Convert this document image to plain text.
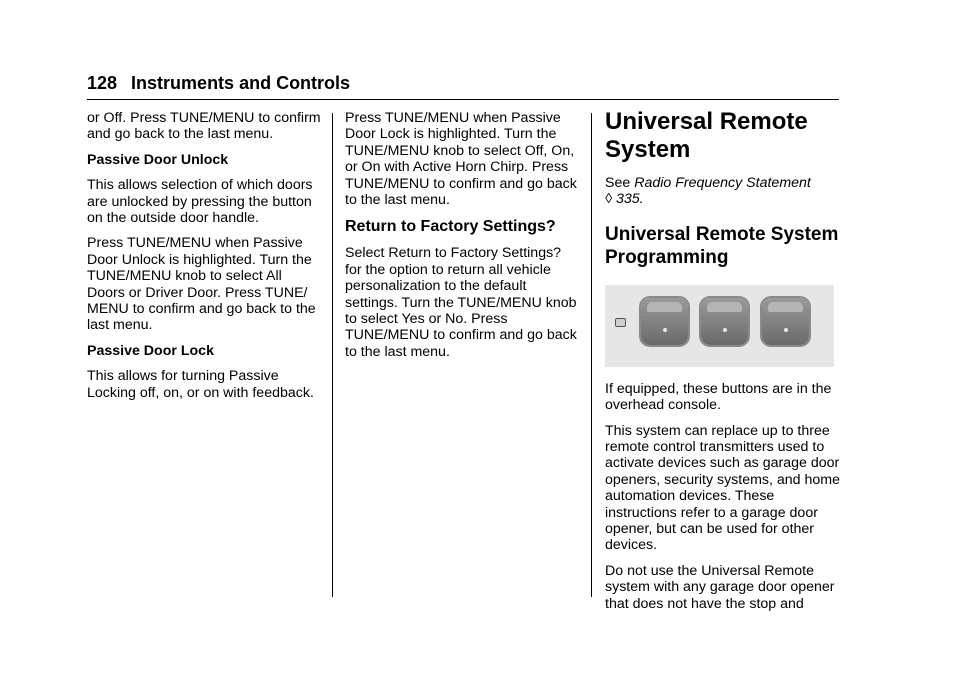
128 Instruments and Controls

or Off. Press TUNE/MENU to confirm and go back to the last menu.

Passive Door Unlock

This allows selection of which doors are unlocked by pressing the button on the outside door handle.

Press TUNE/MENU when Passive Door Unlock is highlighted. Turn the TUNE/MENU knob to select All Doors or Driver Door. Press TUNE/ MENU to confirm and go back to the last menu.

Passive Door Lock

This allows for turning Passive Locking off, on, or on with feedback.

Press TUNE/MENU when Passive Door Lock is highlighted. Turn the TUNE/MENU knob to select Off, On, or On with Active Horn Chirp. Press TUNE/MENU to confirm and go back to the last menu.

Return to Factory Settings?

Select Return to Factory Settings? for the option to return all vehicle personalization to the default settings. Turn the TUNE/MENU knob to select Yes or No. Press TUNE/MENU to confirm and go back to the last menu.

Universal Remote
System

See Radio Frequency Statement
◊ 335.

Universal Remote System
Programming

If equipped, these buttons are in the overhead console.

This system can replace up to three remote control transmitters used to activate devices such as garage door openers, security systems, and home automation devices. These instructions refer to a garage door opener, but can be used for other devices.

Do not use the Universal Remote system with any garage door opener that does not have the stop and
